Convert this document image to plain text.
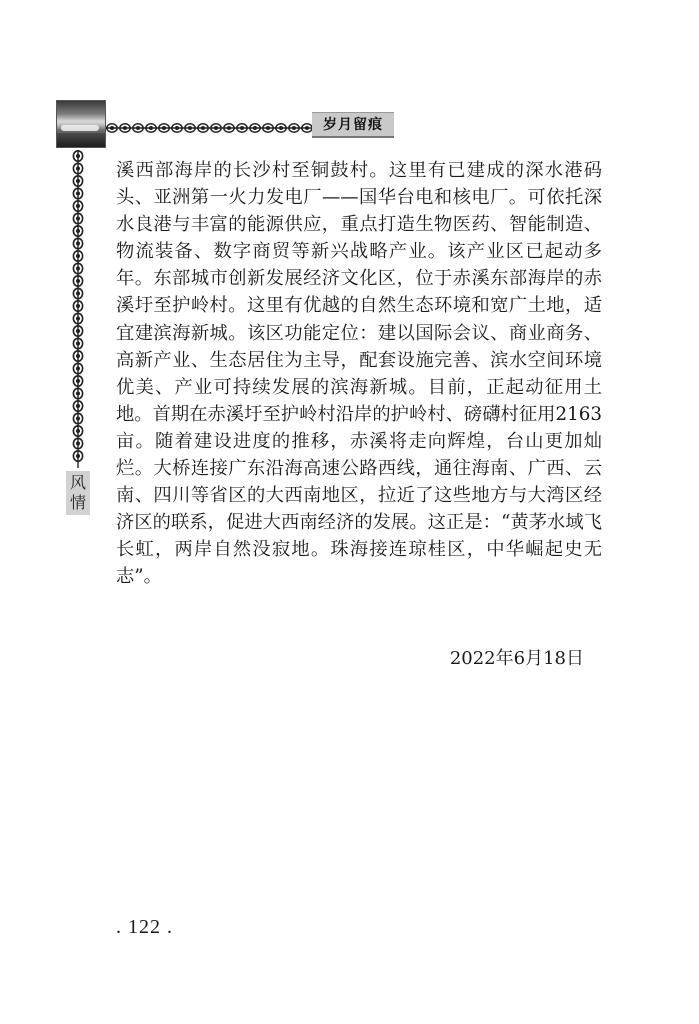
岁月留痕
风
情

溪西部海岸的长沙村至铜鼓村。这里有已建成的深水港码头、亚洲第一火力发电厂——国华台电和核电厂。可依托深水良港与丰富的能源供应，重点打造生物医药、智能制造、物流装备、数字商贸等新兴战略产业。该产业区已起动多年。东部城市创新发展经济文化区，位于赤溪东部海岸的赤溪圩至护岭村。这里有优越的自然生态环境和宽广土地，适宜建滨海新城。该区功能定位：建以国际会议、商业商务、高新产业、生态居住为主导，配套设施完善、滨水空间环境优美、产业可持续发展的滨海新城。目前，正起动征用土地。首期在赤溪圩至护岭村沿岸的护岭村、磅礴村征用2163亩。随着建设进度的推移，赤溪将走向辉煌，台山更加灿烂。大桥连接广东沿海高速公路西线，通往海南、广西、云南、四川等省区的大西南地区，拉近了这些地方与大湾区经济区的联系，促进大西南经济的发展。这正是：“黄茅水域飞长虹，两岸自然没寂地。珠海接连琼桂区，中华崛起史无志”。

2022年6月18日
. 122 .
